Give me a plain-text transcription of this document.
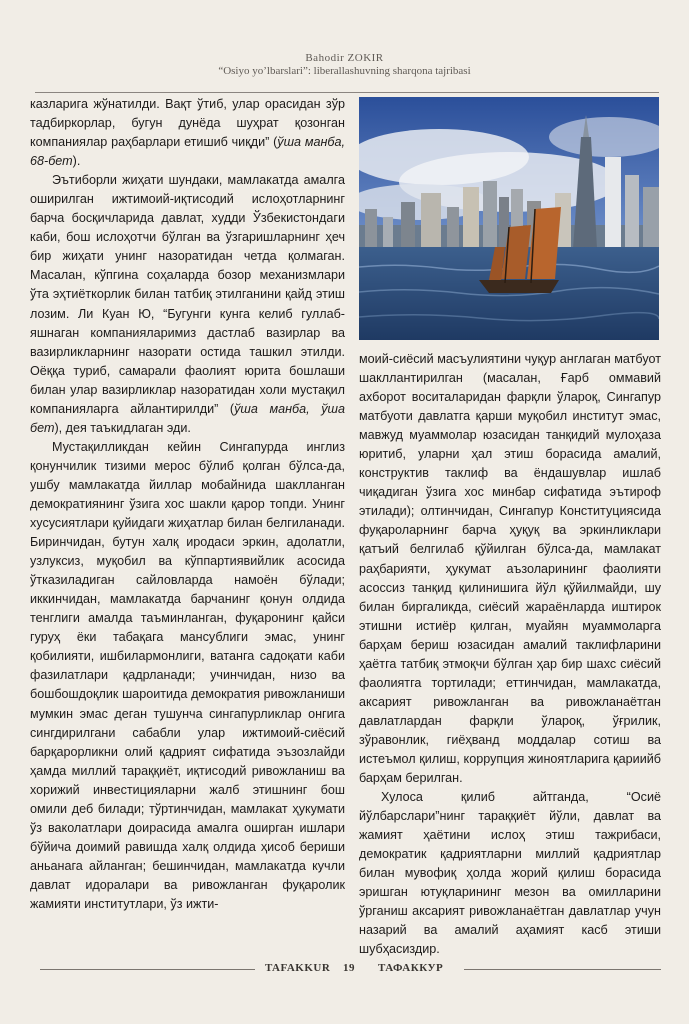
Bahodir ZOKIR
“Osiyo yo’lbarslari”: liberallashuvning sharqona tajribasi

казларига жўнатилди. Вақт ўтиб, улар орасидан зўр тадбиркорлар, бугун дунёда шуҳрат қозонган компаниялар раҳбарлари етишиб чиқди” (ўша манба, 68-бет).

Эътиборли жиҳати шундаки, мамлакатда амалга оширилган ижтимоий-иқтисодий ислоҳотларнинг барча босқичларида давлат, худди Ўзбекистондаги каби, бош ислоҳотчи бўлган ва ўзгаришларнинг ҳеч бир жиҳати унинг назоратидан четда қолмаган. Масалан, кўпгина соҳаларда бозор механизмлари ўта эҳтиёткорлик билан татбиқ этилганини қайд этиш лозим. Ли Куан Ю, “Бугунги кунга келиб гуллаб-яшнаган компанияларимиз дастлаб вазирлар ва вазирликларнинг назорати остида ташкил этилди. Оёққа туриб, самарали фаолият юрита бошлаши билан улар вазирликлар назоратидан холи мустақил компанияларга айлантирилди” (ўша манба, ўша бет), дея таъкидлаган эди.

Мустақилликдан кейин Сингапурда инглиз қонунчилик тизими мерос бўлиб қолган бўлса-да, ушбу мамлакатда йиллар мобайнида шаклланган демократиянинг ўзига хос шакли қарор топди. Унинг хусусиятлари қуйидаги жиҳатлар билан белгиланади. Биринчидан, бутун халқ иродаси эркин, адолатли, узлуксиз, муқобил ва кўппартиявийлик асосида ўтказиладиган сайловларда намоён бўлади; иккинчидан, мамлакатда барчанинг қонун олдида тенглиги амалда таъминланган, фуқаронинг қайси гуруҳ ёки табақага мансублиги эмас, унинг қобилияти, ишбилармонлиги, ватанга садоқати каби фазилатлари қадрланади; учинчидан, низо ва бошбошдоқлик шароитида демократия ривожланиши мумкин эмас деган тушунча сингапурликлар онгига сингдирилгани сабабли улар ижтимоий-сиёсий барқарорликни олий қадрият сифатида эъзозлайди ҳамда миллий тараққиёт, иқтисодий ривожланиш ва хорижий инвестицияларни жалб этишнинг бош омили деб билади; тўртинчидан, мамлакат ҳукумати ўз ваколатлари доирасида амалга оширган ишлари бўйича доимий равишда халқ олдида ҳисоб бериши аньанага айланган; бешинчидан, мамлакатда кучли давлат идоралари ва ривожланган фуқаролик жамияти институтлари, ўз ижти-

моий-сиёсий масъулиятини чуқур англаган матбуот шакллантирилган (масалан, Ғарб оммавий ахборот воситаларидан фарқли ўлароқ, Сингапур матбуоти давлатга қарши муқобил институт эмас, мавжуд муаммолар юзасидан танқидий мулоҳаза юритиб, уларни ҳал этиш борасида амалий, конструктив таклиф ва ёндашувлар ишлаб чиқадиган ўзига хос минбар сифатида эътироф этилади); олтинчидан, Сингапур Конституциясида фуқароларнинг барча ҳуқуқ ва эркинликлари қатъий белгилаб қўйилган бўлса-да, мамлакат раҳбарияти, ҳукумат аъзоларининг фаолияти асоссиз танқид қилинишига йўл қўйилмайди, шу билан биргаликда, сиёсий жараёнларда иштирок этишни истиёр қилган, муайян муаммоларга барҳам бериш юзасидан амалий таклифларини ҳаётга татбиқ этмоқчи бўлган ҳар бир шахс сиёсий фаолиятга тортилади; еттинчидан, мамлакатда, аксарият ривожланган ва ривожланаётган давлатлардан фарқли ўлароқ, ўғрилик, зўравонлик, гиёҳванд моддалар сотиш ва истеъмол қилиш, коррупция жиноятларига қариийб барҳам берилган.

Хулоса қилиб айтганда, “Осиё йўлбарслари”нинг тараққиёт йўли, давлат ва жамият ҳаётини ислоҳ этиш тажрибаси, демократик қадриятларни миллий қадриятлар билан мувофиқ ҳолда жорий қилиш борасида эришган ютуқларининг мезон ва омилларини ўрганиш аксарият ривожланаётган давлатлар учун назарий ва амалий аҳамият касб этиши шубҳасиздир.

TAFAKKUR 19 ТАФАККУР
